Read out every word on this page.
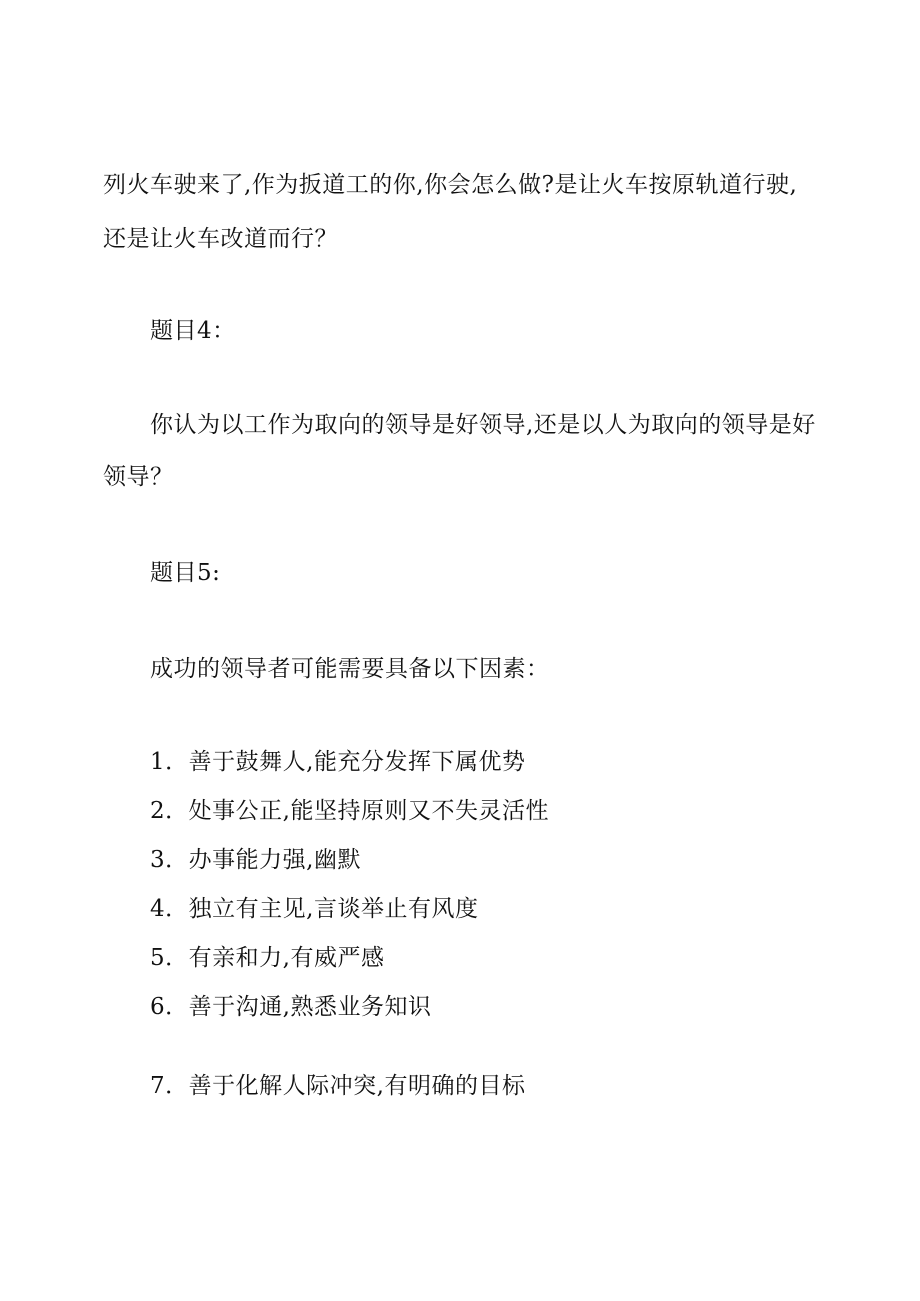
列火车驶来了,作为扳道工的你,你会怎么做?是让火车按原轨道行驶,
还是让火车改道而行？
题目4：
你认为以工作为取向的领导是好领导,还是以人为取向的领导是好
领导？
题目5:
成功的领导者可能需要具备以下因素：
1．善于鼓舞人,能充分发挥下属优势
2．处事公正,能坚持原则又不失灵活性
3．办事能力强,幽默
4．独立有主见,言谈举止有风度
5．有亲和力,有威严感
6．善于沟通,熟悉业务知识
7．善于化解人际冲突,有明确的目标
